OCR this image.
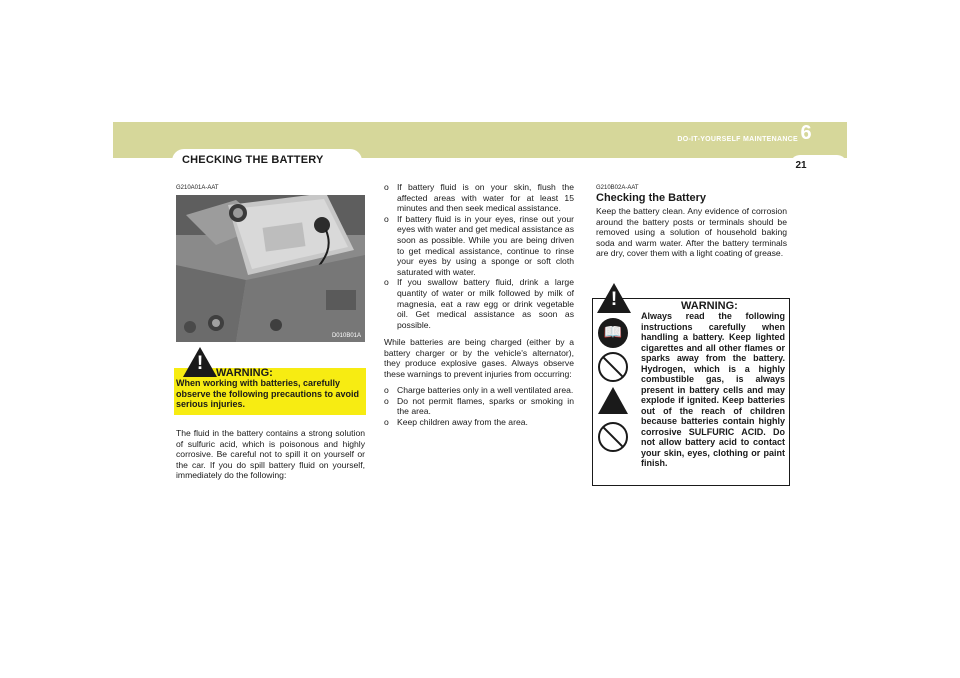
CHECKING THE BATTERY
6
DO-IT-YOURSELF MAINTENANCE
21
G210A01A-AAT
D010B01A
!	WARNING:
When working with batteries, carefully observe the following precautions to avoid serious injuries.
The fluid in the battery contains a strong solution of sulfuric acid, which is poisonous and highly corrosive. Be careful not to spill it on yourself or the car. If you do spill battery fluid on yourself, immediately do the following:
o If battery fluid is on your skin, flush the affected areas with water for at least 15 minutes and then seek medical assistance.
o If battery fluid is in your eyes, rinse out your eyes with water and get medical assistance as soon as possible. While you are being driven to get medical assistance, continue to rinse your eyes by using a sponge or soft cloth saturated with water.
o If you swallow battery fluid, drink a large quantity of water or milk followed by milk of magnesia, eat a raw egg or drink vegetable oil. Get medical assistance as soon as possible.
While batteries are being charged (either by a battery charger or by the vehicle's alternator), they produce explosive gases. Always observe these warnings to prevent injuries from occurring:
o Charge batteries only in a well ventilated area.
o Do not permit flames, sparks or smoking in the area.
o Keep children away from the area.
G210B02A-AAT
Checking the Battery
Keep the battery clean. Any evidence of corrosion around the battery posts or terminals should be removed using a solution of household baking soda and warm water. After the battery terminals are dry, cover them with a light coating of grease.
!	WARNING:
Always read the following instructions carefully when handling a battery. Keep lighted cigarettes and all other flames or sparks away from the battery. Hydrogen, which is a highly combustible gas, is always present in battery cells and may explode if ignited. Keep batteries out of the reach of children because batteries contain highly corrosive SULFURIC ACID. Do not allow battery acid to contact your skin, eyes, clothing or paint finish.
📖
